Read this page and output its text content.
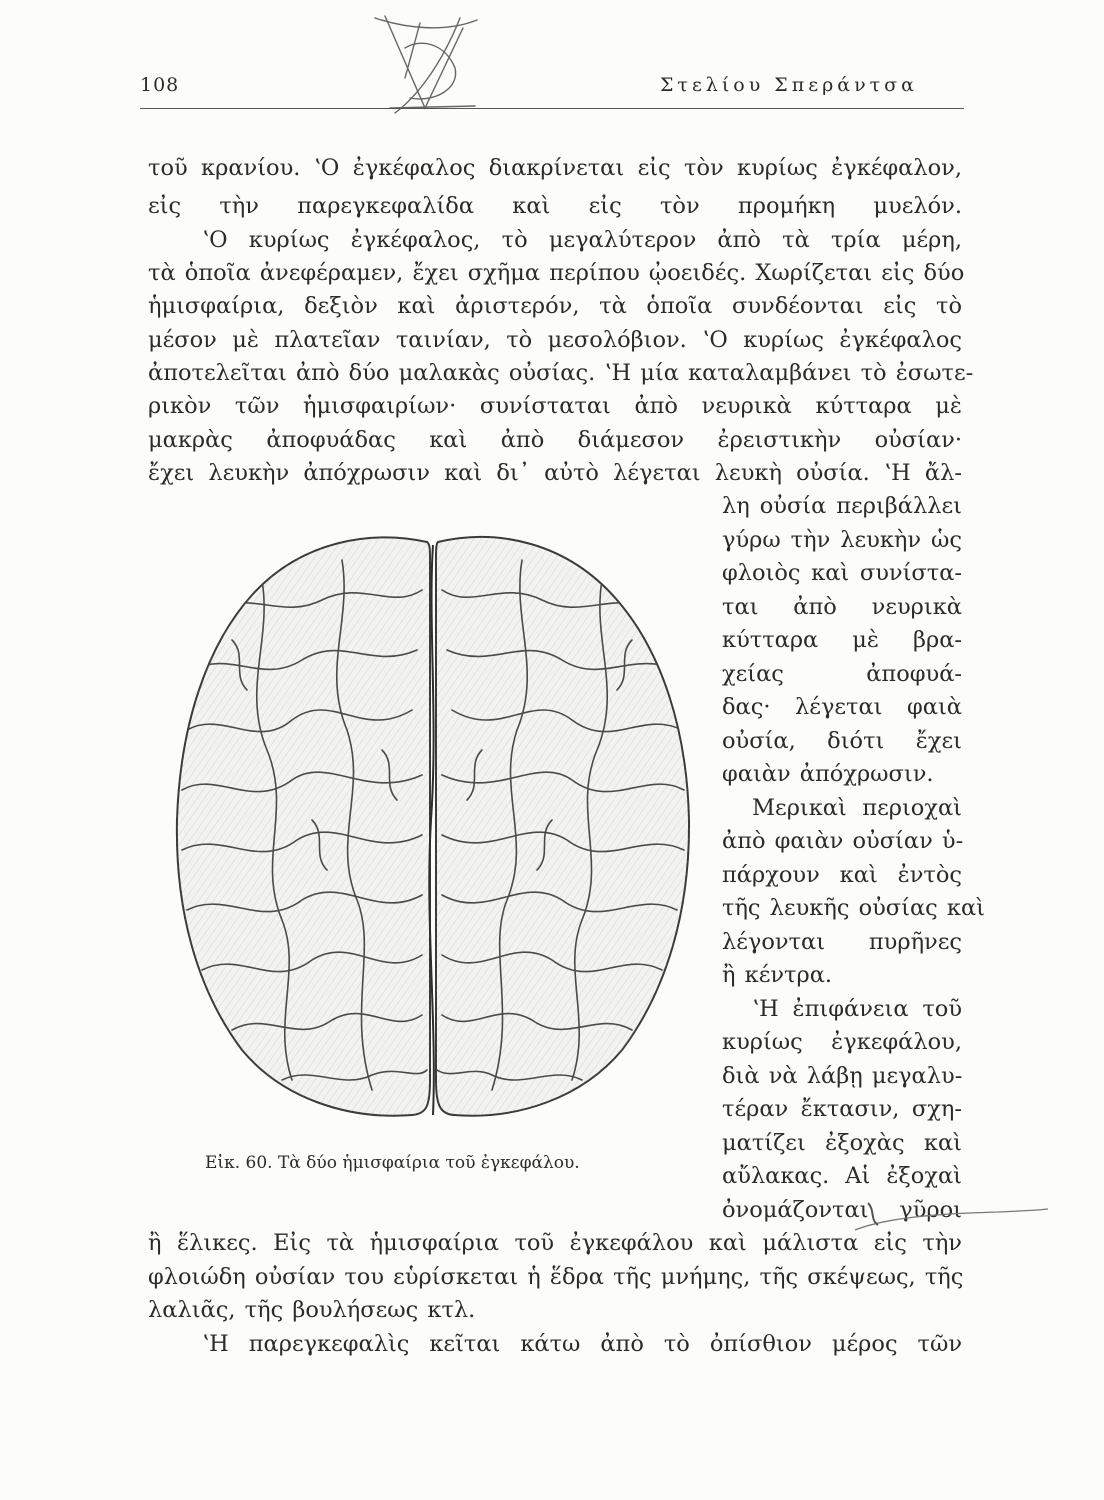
108	Στελίου Σπεράντσα
τοῦ κρανίου. ʽΟ ἐγκέφαλος διακρίνεται εἰς τὸν κυρίως ἐγκέφαλον,
εἰς τὴν παρεγκεφαλίδα καὶ εἰς τὸν προμήκη μυελόν.
ʽΟ κυρίως ἐγκέφαλος, τὸ μεγαλύτερον ἀπὸ τὰ τρία μέρη,
τὰ ὁποῖα ἀνεφέραμεν, ἔχει σχῆμα περίπου ᾠοειδές. Χωρίζεται εἰς δύο
ἡμισφαίρια, δεξιὸν καὶ ἀριστερόν, τὰ ὁποῖα συνδέονται εἰς τὸ
μέσον μὲ πλατεῖαν ταινίαν, τὸ μεσολόβιον. ʽΟ κυρίως ἐγκέφαλος
ἀποτελεῖται ἀπὸ δύο μαλακὰς οὐσίας. ʽΗ μία καταλαμβάνει τὸ ἐσωτε-
ρικὸν τῶν ἡμισφαιρίων· συνίσταται ἀπὸ νευρικὰ κύτταρα μὲ
μακρὰς ἀποφυάδας καὶ ἀπὸ διάμεσον ἐρειστικὴν οὐσίαν·
ἔχει λευκὴν ἀπόχρωσιν καὶ δι᾽ αὐτὸ λέγεται λευκὴ οὐσία. ʽΗ ἄλ-
λη οὐσία περιβάλλει
γύρω τὴν λευκὴν ὡς
φλοιὸς καὶ συνίστα-
ται ἀπὸ νευρικὰ
κύτταρα μὲ βρα-
χείας ἀποφυά-
δας· λέγεται φαιὰ
οὐσία, διότι ἔχει
φαιὰν ἀπόχρωσιν.
Μερικαὶ περιοχαὶ
ἀπὸ φαιὰν οὐσίαν ὑ-
πάρχουν καὶ ἐντὸς
τῆς λευκῆς οὐσίας καὶ
λέγονται πυρῆνες
ἢ κέντρα.
ʽΗ ἐπιφάνεια τοῦ
κυρίως ἐγκεφάλου,
διὰ νὰ λάβῃ μεγαλυ-
τέραν ἔκτασιν, σχη-
ματίζει ἐξοχὰς καὶ
αὔλακας. Αἱ ἐξοχαὶ
ὀνομάζονται γῦροι
ἢ ἕλικες. Εἰς τὰ ἡμισφαίρια τοῦ ἐγκεφάλου καὶ μάλιστα εἰς τὴν
φλοιώδη οὐσίαν του εὑρίσκεται ἡ ἕδρα τῆς μνήμης, τῆς σκέψεως, τῆς
λαλιᾶς, τῆς βουλήσεως κτλ.
ʽΗ παρεγκεφαλὶς κεῖται κάτω ἀπὸ τὸ ὀπίσθιον μέρος τῶν
Εἰκ. 60. Τὰ δύο ἡμισφαίρια τοῦ ἐγκεφάλου.
